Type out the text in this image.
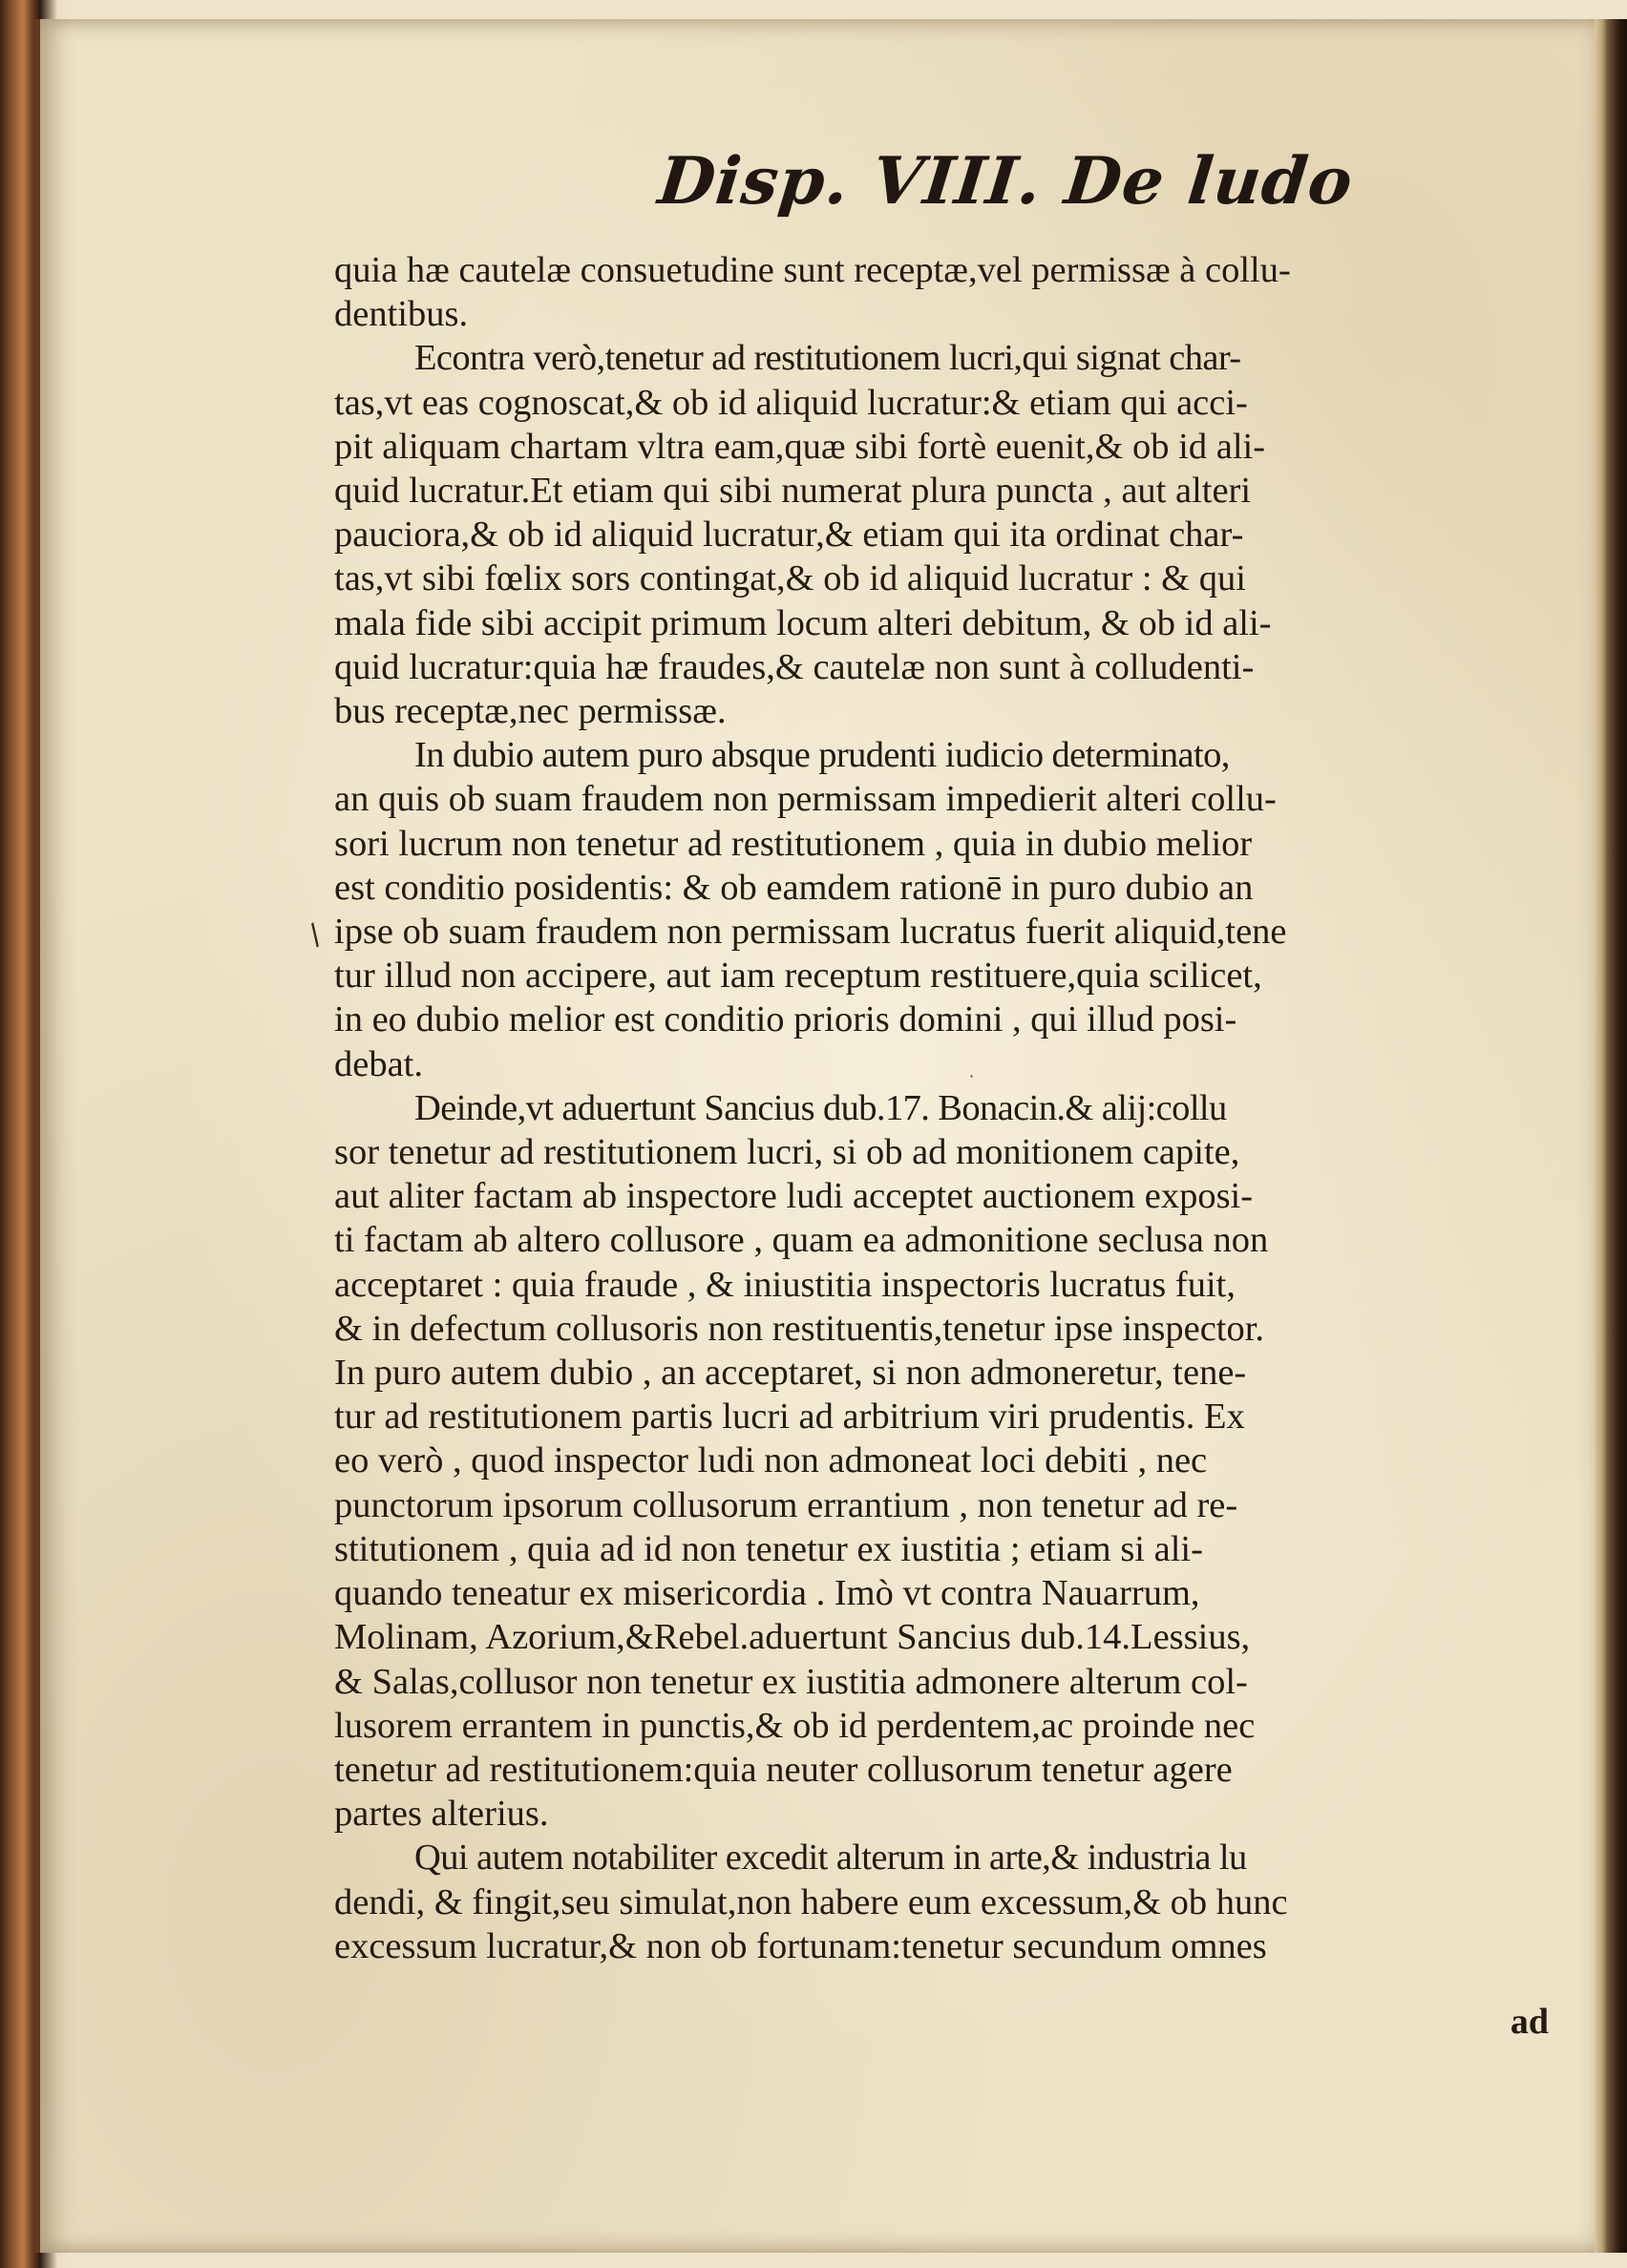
Disp. VIII. De ludo
quia hæ cautelæ consuetudine sunt receptæ,vel permissæ à collu-
dentibus.
Econtra verò,tenetur ad restitutionem lucri,qui signat char-
tas,vt eas cognoscat,& ob id aliquid lucratur:& etiam qui acci-
pit aliquam chartam vltra eam,quæ sibi fortè euenit,& ob id ali-
quid lucratur.Et etiam qui sibi numerat plura puncta , aut alteri
pauciora,& ob id aliquid lucratur,& etiam qui ita ordinat char-
tas,vt sibi fœlix sors contingat,& ob id aliquid lucratur : & qui
mala fide sibi accipit primum locum alteri debitum, & ob id ali-
quid lucratur:quia hæ fraudes,& cautelæ non sunt à colludenti-
bus receptæ,nec permissæ.
In dubio autem puro absque prudenti iudicio determinato,
an quis ob suam fraudem non permissam impedierit alteri collu-
sori lucrum non tenetur ad restitutionem , quia in dubio melior
est conditio posidentis: & ob eamdem rationē in puro dubio an
ipse ob suam fraudem non permissam lucratus fuerit aliquid,tene
tur illud non accipere, aut iam receptum restituere,quia scilicet,
in eo dubio melior est conditio prioris domini , qui illud posi-
debat.
Deinde,vt aduertunt Sancius dub.17. Bonacin.& alij:collu
sor tenetur ad restitutionem lucri, si ob ad monitionem capite,
aut aliter factam ab inspectore ludi acceptet auctionem exposi-
ti factam ab altero collusore , quam ea admonitione seclusa non
acceptaret : quia fraude , & iniustitia inspectoris lucratus fuit,
& in defectum collusoris non restituentis,tenetur ipse inspector.
In puro autem dubio , an acceptaret, si non admoneretur, tene-
tur ad restitutionem partis lucri ad arbitrium viri prudentis. Ex
eo verò , quod inspector ludi non admoneat loci debiti , nec
punctorum ipsorum collusorum errantium , non tenetur ad re-
stitutionem , quia ad id non tenetur ex iustitia ; etiam si ali-
quando teneatur ex misericordia . Imò vt contra Nauarrum,
Molinam, Azorium,&Rebel.aduertunt Sancius dub.14.Lessius,
& Salas,collusor non tenetur ex iustitia admonere alterum col-
lusorem errantem in punctis,& ob id perdentem,ac proinde nec
tenetur ad restitutionem:quia neuter collusorum tenetur agere
partes alterius.
Qui autem notabiliter excedit alterum in arte,& industria lu
dendi, & fingit,seu simulat,non habere eum excessum,& ob hunc
excessum lucratur,& non ob fortunam:tenetur secundum omnes
ad
/
·
